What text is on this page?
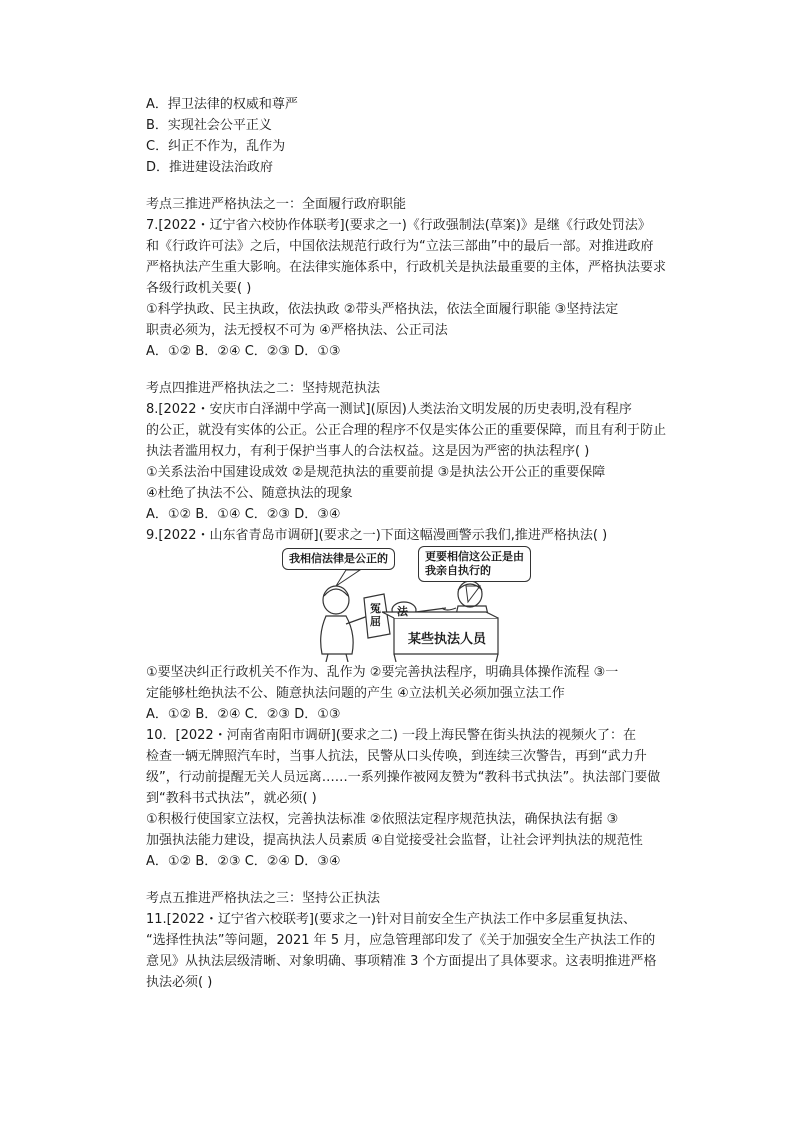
A．捍卫法律的权威和尊严
B．实现社会公平正义
C．纠正不作为，乱作为
D．推进建设法治政府
考点三推进严格执法之一：全面履行政府职能
7.[2022・辽宁省六校协作体联考](要求之一)《行政强制法(草案)》是继《行政处罚法》
和《行政许可法》之后，中国依法规范行政行为“立法三部曲”中的最后一部。对推进政府
严格执法产生重大影响。在法律实施体系中，行政机关是执法最重要的主体，严格执法要求
各级行政机关要( )
①科学执政、民主执政，依法执政 ②带头严格执法，依法全面履行职能 ③坚持法定
职责必须为，法无授权不可为 ④严格执法、公正司法
A．①② B．②④ C．②③ D．①③
考点四推进严格执法之二：坚持规范执法
8.[2022・安庆市白泽湖中学高一测试](原因)人类法治文明发展的历史表明,没有程序
的公正，就没有实体的公正。公正合理的程序不仅是实体公正的重要保障，而且有利于防止
执法者滥用权力，有利于保护当事人的合法权益。这是因为严密的执法程序( )
①关系法治中国建设成效 ②是规范执法的重要前提 ③是执法公开公正的重要保障
④杜绝了执法不公、随意执法的现象
A．①② B．①④ C．②③ D．③④
9.[2022・山东省青岛市调研](要求之一)下面这幅漫画警示我们,推进严格执法( )
我相信法律是公正的	更要相信这公正是由
我亲自执行的
冤
屈
法
某些执法人员
①要坚决纠正行政机关不作为、乱作为 ②要完善执法程序，明确具体操作流程 ③一
定能够杜绝执法不公、随意执法问题的产生 ④立法机关必须加强立法工作
A．①② B．②④ C．②③ D．①③
10．[2022・河南省南阳市调研](要求之二) 一段上海民警在街头执法的视频火了：在
检查一辆无牌照汽车时，当事人抗法，民警从口头传唤，到连续三次警告，再到“武力升
级”，行动前提醒无关人员远离……一系列操作被网友赞为“教科书式执法”。执法部门要做
到“教科书式执法”，就必须( )
①积极行使国家立法权，完善执法标准 ②依照法定程序规范执法，确保执法有据 ③
加强执法能力建设，提高执法人员素质 ④自觉接受社会监督，让社会评判执法的规范性
A．①② B．②③ C．②④ D．③④
考点五推进严格执法之三：坚持公正执法
11.[2022・辽宁省六校联考](要求之一)针对目前安全生产执法工作中多层重复执法、
“选择性执法”等问题，2021 年 5 月，应急管理部印发了《关于加强安全生产执法工作的
意见》从执法层级清晰、对象明确、事项精准 3 个方面提出了具体要求。这表明推进严格
执法必须( )
